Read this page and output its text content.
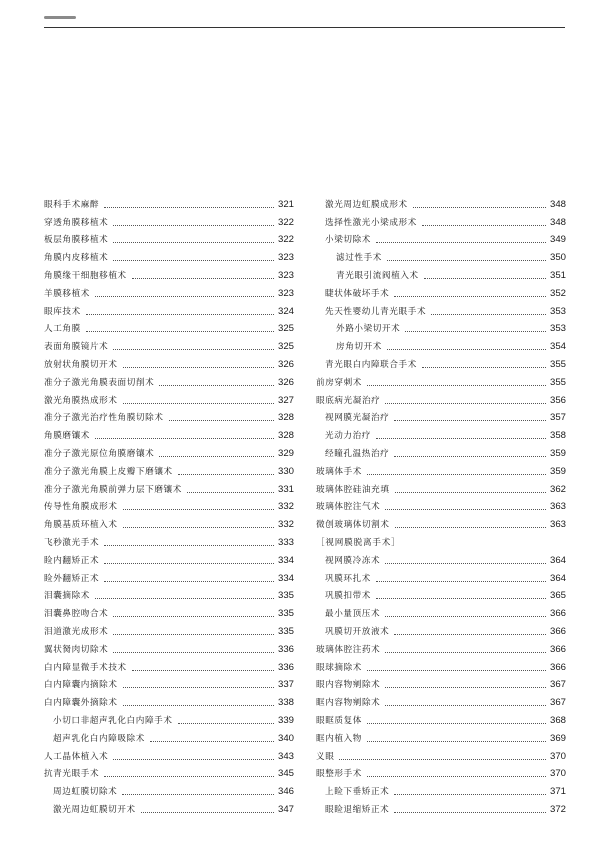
眼科手术麻醉	321
穿透角膜移植术	322
板层角膜移植术	322
角膜内皮移植术	323
角膜缘干细胞移植术	323
羊膜移植术	323
眼库技术	324
人工角膜	325
表面角膜镜片术	325
放射状角膜切开术	326
准分子激光角膜表面切削术	326
激光角膜热成形术	327
准分子激光治疗性角膜切除术	328
角膜磨镶术	328
准分子激光原位角膜磨镶术	329
准分子激光角膜上皮瓣下磨镶术	330
准分子激光角膜前弹力层下磨镶术	331
传导性角膜成形术	332
角膜基质环植入术	332
飞秒激光手术	333
睑内翻矫正术	334
睑外翻矫正术	334
泪囊摘除术	335
泪囊鼻腔吻合术	335
泪道激光成形术	335
翼状胬肉切除术	336
白内障显微手术技术	336
白内障囊内摘除术	337
白内障囊外摘除术	338
小切口非超声乳化白内障手术	339
超声乳化白内障吸除术	340
人工晶体植入术	343
抗青光眼手术	345
周边虹膜切除术	346
激光周边虹膜切开术	347
激光周边虹膜成形术	348
选择性激光小梁成形术	348
小梁切除术	349
滤过性手术	350
青光眼引流阀植入术	351
睫状体破坏手术	352
先天性婴幼儿青光眼手术	353
外路小梁切开术	353
房角切开术	354
青光眼白内障联合手术	355
前房穿刺术	355
眼底病光凝治疗	356
视网膜光凝治疗	357
光动力治疗	358
经瞳孔温热治疗	359
玻璃体手术	359
玻璃体腔硅油充填	362
玻璃体腔注气术	363
微创玻璃体切割术	363
［视网膜脱离手术］
视网膜冷冻术	364
巩膜环扎术	364
巩膜扣带术	365
最小量顶压术	366
巩膜切开放液术	366
玻璃体腔注药术	366
眼球摘除术	366
眼内容物剜除术	367
眶内容物剜除术	367
眼眶质复体	368
眶内植入物	369
义眼	370
眼整形手术	370
上睑下垂矫正术	371
眼睑退缩矫正术	372
